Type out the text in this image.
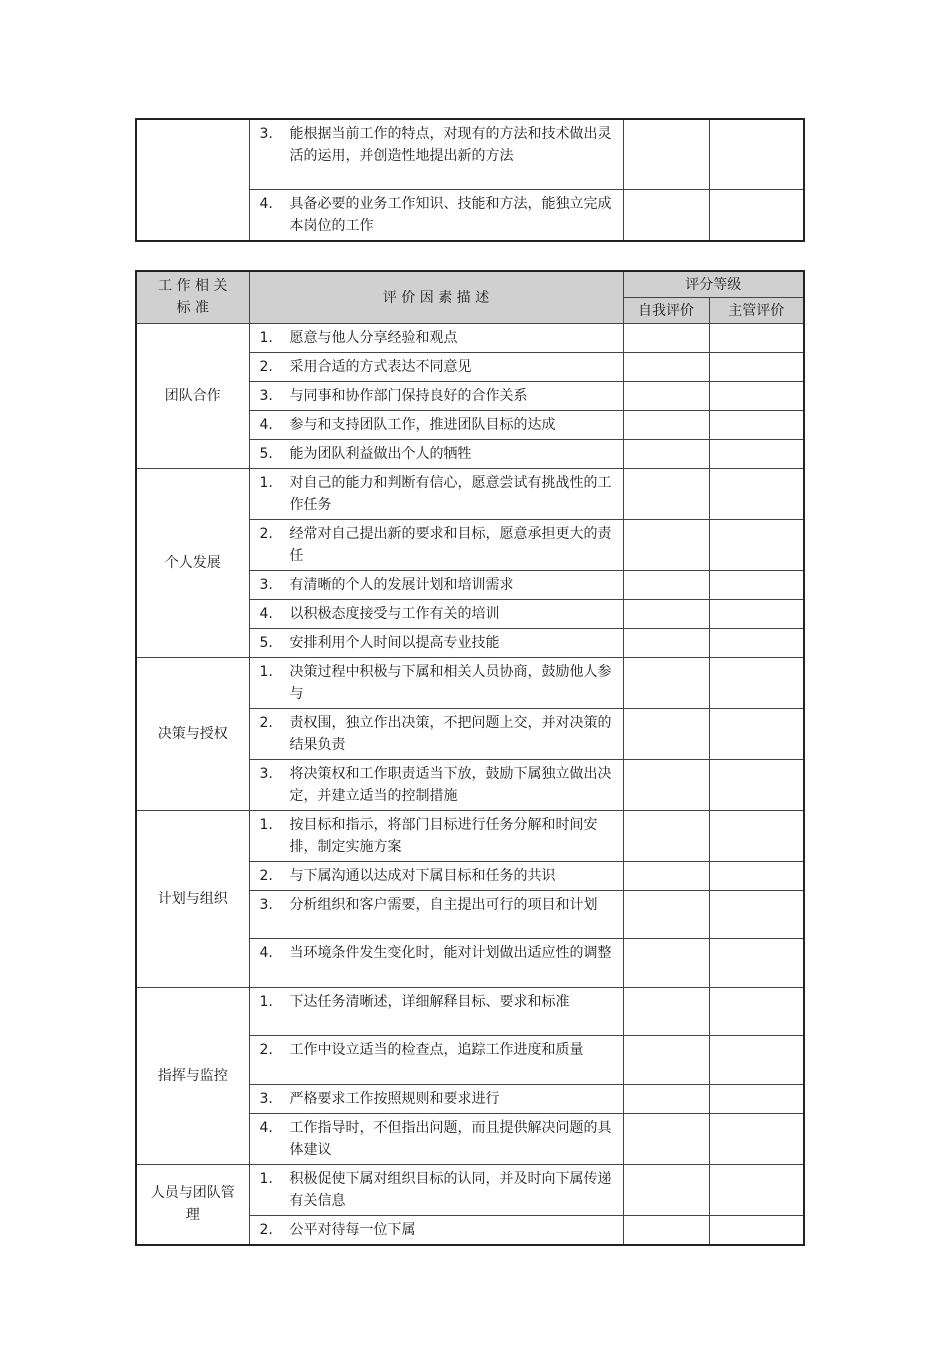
	3. 能根据当前工作的特点，对现有的方法和技术做出灵活的运用，并创造性地提出新的方法		

	4. 具备必要的业务工作知识、技能和方法，能独立完成本岗位的工作		

工 作 相 关 标 准	评 价 因 素 描 述	评分等级	
		自我评价	主管评价
团队合作	1. 愿意与他人分享经验和观点		

	2. 采用合适的方式表达不同意见		

	3. 与同事和协作部门保持良好的合作关系		

	4. 参与和支持团队工作，推进团队目标的达成		

	5. 能为团队利益做出个人的牺牲		

个人发展	1. 对自己的能力和判断有信心，愿意尝试有挑战性的工作任务		

	2. 经常对自己提出新的要求和目标，愿意承担更大的责任		

	3. 有清晰的个人的发展计划和培训需求		

	4. 以积极态度接受与工作有关的培训		

	5. 安排利用个人时间以提高专业技能		

决策与授权	1. 决策过程中积极与下属和相关人员协商，鼓励他人参与		

	2. 责权围，独立作出决策，不把问题上交，并对决策的结果负责		

	3. 将决策权和工作职责适当下放，鼓励下属独立做出决定，并建立适当的控制措施		

计划与组织	1. 按目标和指示，将部门目标进行任务分解和时间安排，制定实施方案		

	2. 与下属沟通以达成对下属目标和任务的共识		

	3. 分析组织和客户需要，自主提出可行的项目和计划		

	4. 当环境条件发生变化时，能对计划做出适应性的调整		

指挥与监控	1. 下达任务清晰述，详细解释目标、要求和标准		

	2. 工作中设立适当的检查点，追踪工作进度和质量		

	3. 严格要求工作按照规则和要求进行		

	4. 工作指导时，不但指出问题，而且提供解决问题的具体建议		

人员与团队管理	1. 积极促使下属对组织目标的认同，并及时向下属传递有关信息		

	2. 公平对待每一位下属		
